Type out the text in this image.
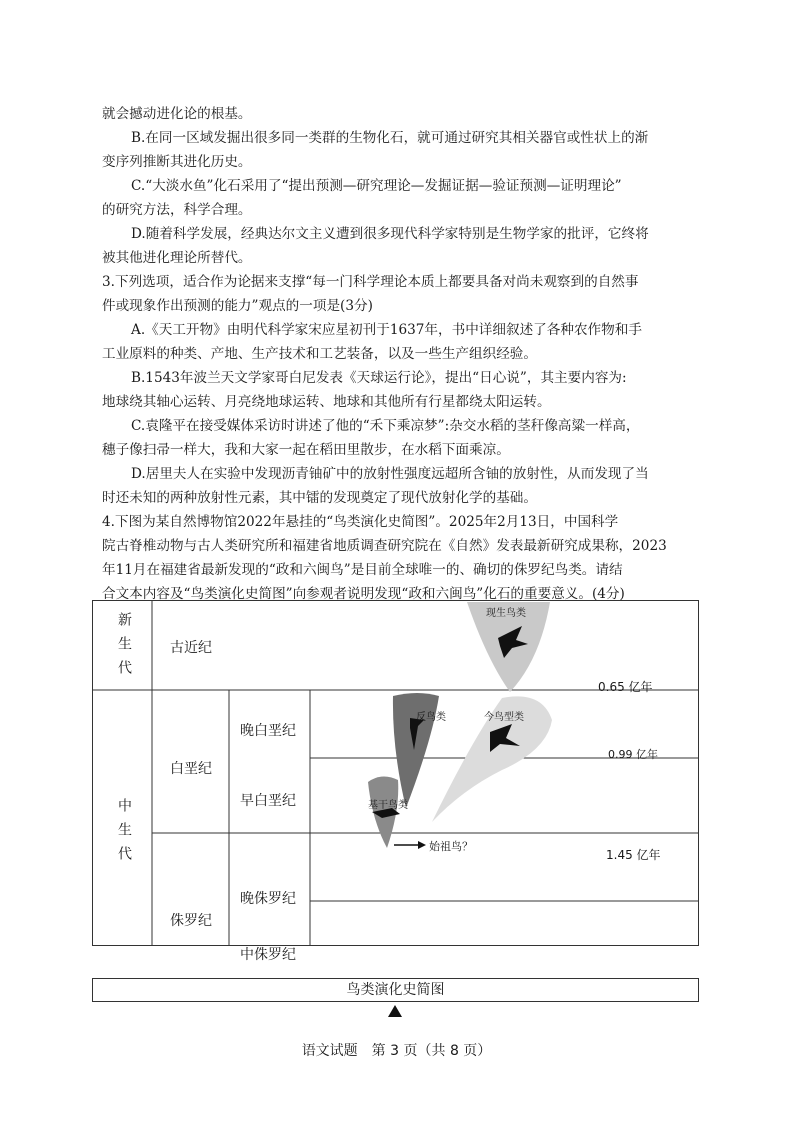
就会撼动进化论的根基。
B.在同一区域发掘出很多同一类群的生物化石，就可通过研究其相关器官或性状上的渐
变序列推断其进化历史。
C.“大淡水鱼”化石采用了“提出预测—研究理论—发掘证据—验证预测—证明理论”
的研究方法，科学合理。
D.随着科学发展，经典达尔文主义遭到很多现代科学家特别是生物学家的批评，它终将
被其他进化理论所替代。
3.下列选项，适合作为论据来支撑“每一门科学理论本质上都要具备对尚未观察到的自然事
件或现象作出预测的能力”观点的一项是(3分)
A.《天工开物》由明代科学家宋应星初刊于1637年，书中详细叙述了各种农作物和手
工业原料的种类、产地、生产技术和工艺装备，以及一些生产组织经验。
B.1543年波兰天文学家哥白尼发表《天球运行论》，提出“日心说”，其主要内容为:
地球绕其轴心运转、月亮绕地球运转、地球和其他所有行星都绕太阳运转。
C.袁隆平在接受媒体采访时讲述了他的“禾下乘凉梦”:杂交水稻的茎秆像高粱一样高，
穗子像扫帚一样大，我和大家一起在稻田里散步，在水稻下面乘凉。
D.居里夫人在实验中发现沥青铀矿中的放射性强度远超所含铀的放射性，从而发现了当
时还未知的两种放射性元素，其中镭的发现奠定了现代放射化学的基础。
4.下图为某自然博物馆2022年悬挂的“鸟类演化史简图”。2025年2月13日，中国科学
院古脊椎动物与古人类研究所和福建省地质调查研究院在《自然》发表最新研究成果称，2023
年11月在福建省最新发现的“政和六闽鸟”是目前全球唯一的、确切的侏罗纪鸟类。请结
合文本内容及“鸟类演化史简图”向参观者说明发现“政和六闽鸟”化石的重要意义。(4分)
新生代
中生代
古近纪
白垩纪
侏罗纪
晚白垩纪
早白垩纪
晚侏罗纪
中侏罗纪
0.65 亿年
0.99 亿年
1.45 亿年
现生鸟类
反鸟类	今鸟型类
基干鸟类
始祖鸟？
鸟类演化史简图
语文试题　第 3 页（共 8 页）
